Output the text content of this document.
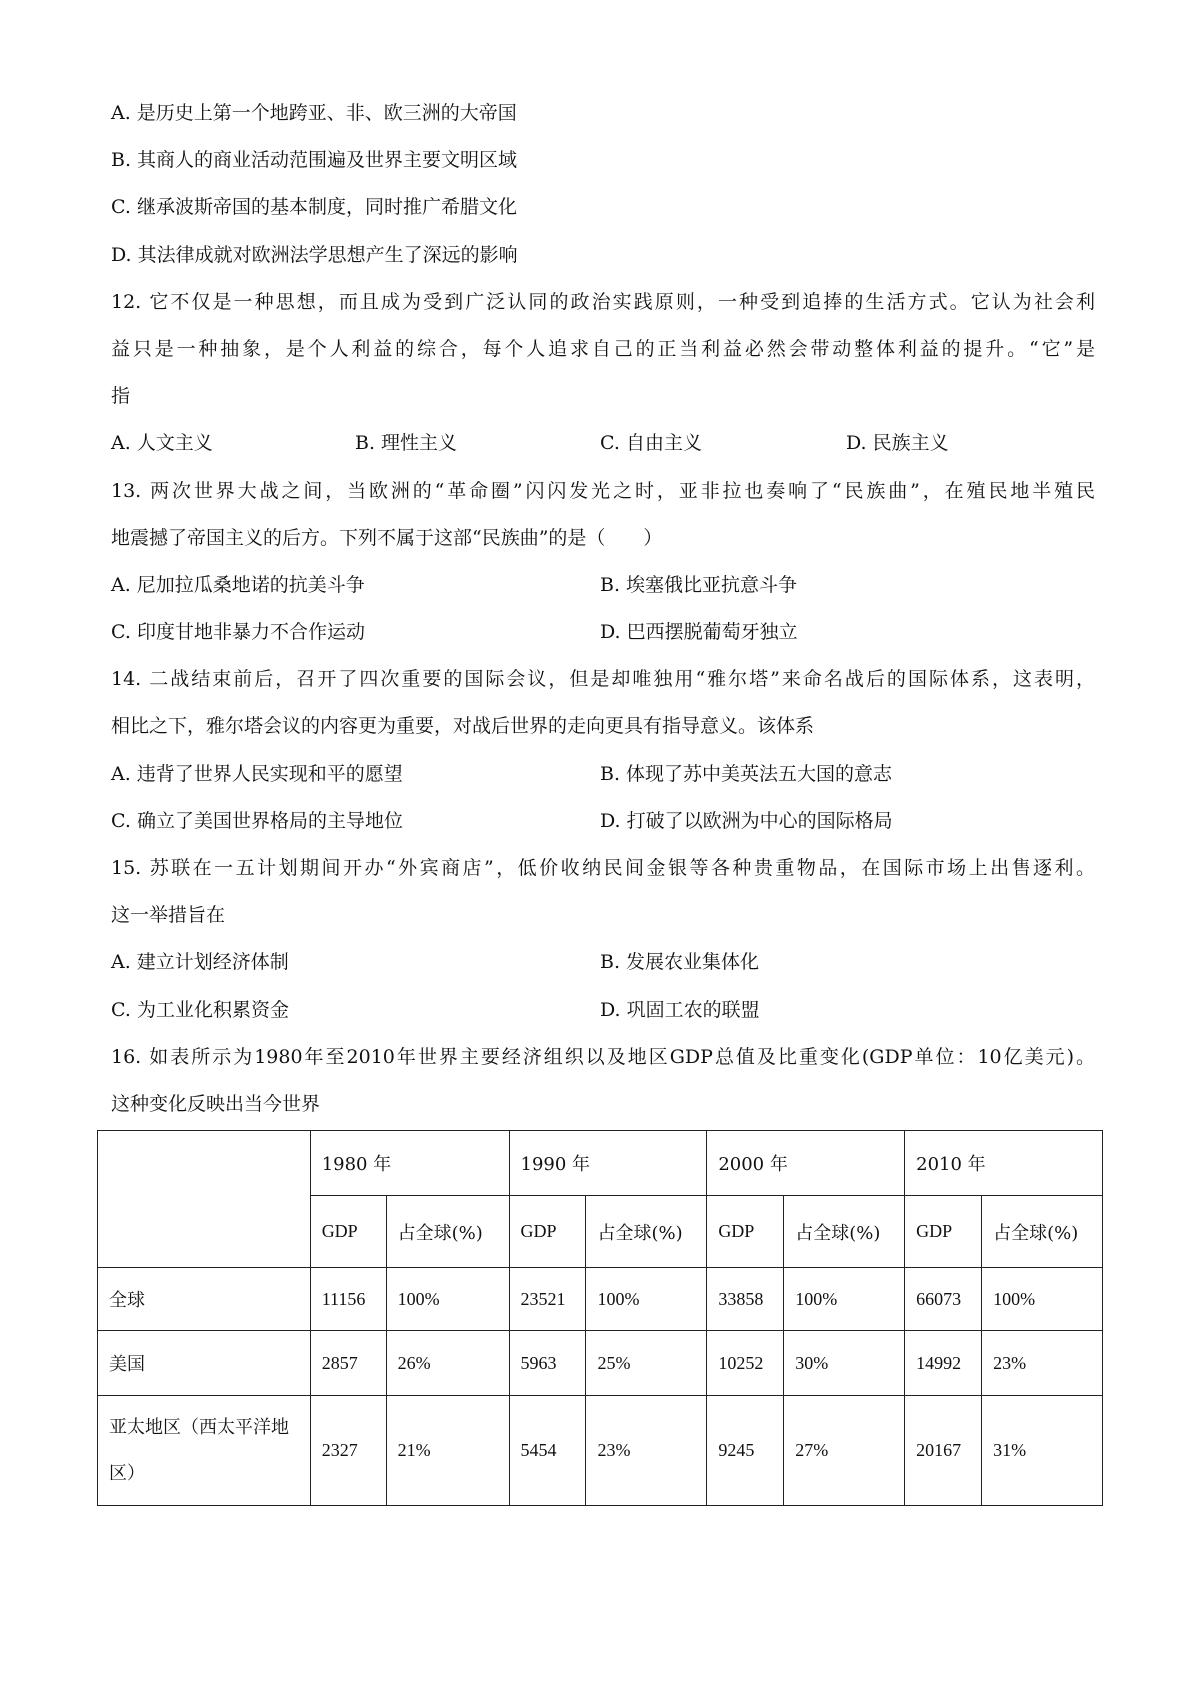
A. 是历史上第一个地跨亚、非、欧三洲的大帝国
B. 其商人的商业活动范围遍及世界主要文明区域
C. 继承波斯帝国的基本制度，同时推广希腊文化
D. 其法律成就对欧洲法学思想产生了深远的影响
12. 它不仅是一种思想，而且成为受到广泛认同的政治实践原则，一种受到追捧的生活方式。它认为社会利
益只是一种抽象，是个人利益的综合，每个人追求自己的正当利益必然会带动整体利益的提升。“它”是
指
A. 人文主义	B. 理性主义	C. 自由主义	D. 民族主义
13. 两次世界大战之间，当欧洲的“革命圈”闪闪发光之时，亚非拉也奏响了“民族曲”，在殖民地半殖民
地震撼了帝国主义的后方。下列不属于这部“民族曲”的是（　　）
A. 尼加拉瓜桑地诺的抗美斗争	B. 埃塞俄比亚抗意斗争
C. 印度甘地非暴力不合作运动	D. 巴西摆脱葡萄牙独立
14. 二战结束前后，召开了四次重要的国际会议，但是却唯独用“雅尔塔”来命名战后的国际体系，这表明，
相比之下，雅尔塔会议的内容更为重要，对战后世界的走向更具有指导意义。该体系
A. 违背了世界人民实现和平的愿望	B. 体现了苏中美英法五大国的意志
C. 确立了美国世界格局的主导地位	D. 打破了以欧洲为中心的国际格局
15. 苏联在一五计划期间开办“外宾商店”，低价收纳民间金银等各种贵重物品，在国际市场上出售逐利。
这一举措旨在
A. 建立计划经济体制	B. 发展农业集体化
C. 为工业化积累资金	D. 巩固工农的联盟
16. 如表所示为1980年至2010年世界主要经济组织以及地区GDP总值及比重变化(GDP单位：10亿美元)。
这种变化反映出当今世界
	1980 年		1990 年		2000 年		2010 年	
	GDP	占全球(%)	GDP	占全球(%)	GDP	占全球(%)	GDP	占全球(%)
全球	11156	100%	23521	100%	33858	100%	66073	100%
美国	2857	26%	5963	25%	10252	30%	14992	23%
亚太地区（西太平洋地区）	2327	21%	5454	23%	9245	27%	20167	31%
